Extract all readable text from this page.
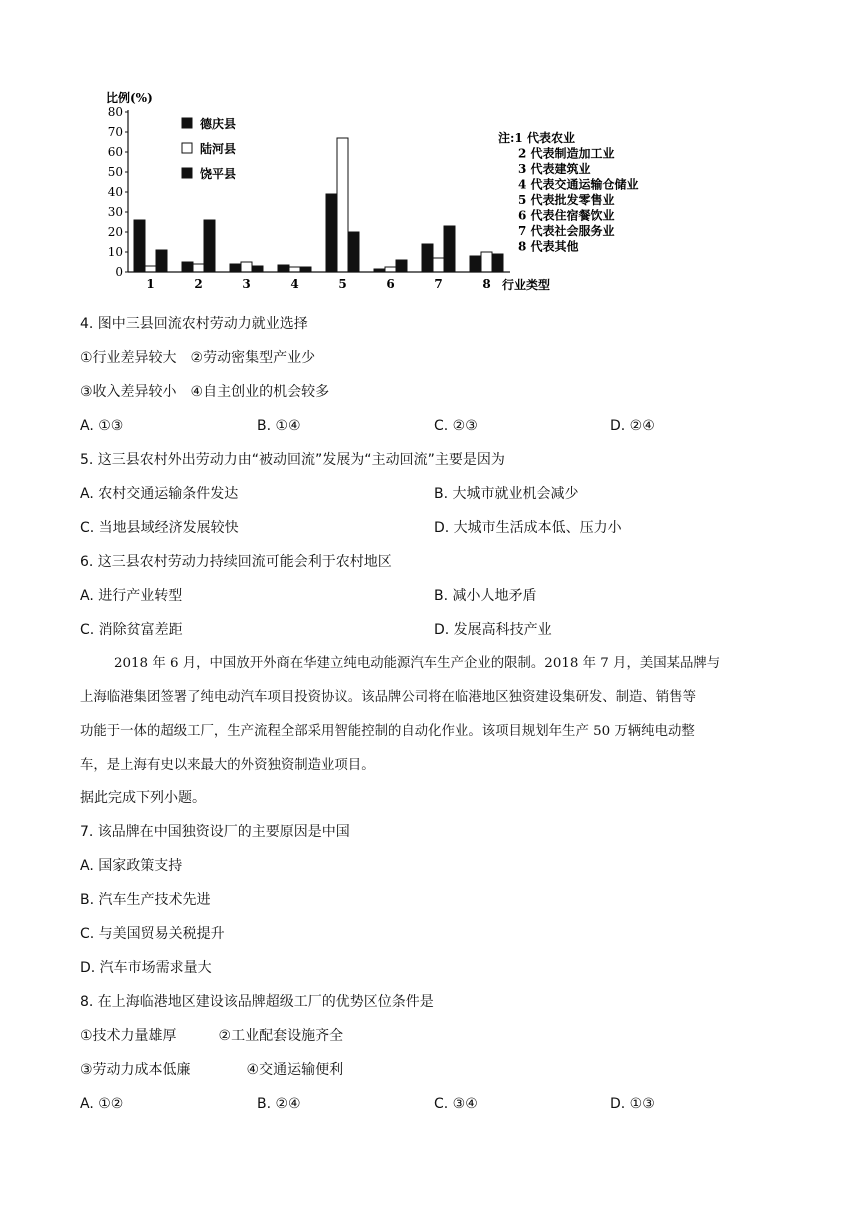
比例(%)
0
10
20
30
40
50
60
70
80
1	2	3	4	5	6	7	8 行业类型
德庆县
陆河县
饶平县
注:1 代表农业
2 代表制造加工业
3 代表建筑业
4 代表交通运输仓储业
5 代表批发零售业
6 代表住宿餐饮业
7 代表社会服务业
8 代表其他
4. 图中三县回流农村劳动力就业选择
①行业差异较大　②劳动密集型产业少
③收入差异较小　④自主创业的机会较多
A. ①③	B. ①④	C. ②③	D. ②④
5. 这三县农村外出劳动力由“被动回流”发展为“主动回流”主要是因为
A. 农村交通运输条件发达	B. 大城市就业机会减少
C. 当地县域经济发展较快	D. 大城市生活成本低、压力小
6. 这三县农村劳动力持续回流可能会利于农村地区
A. 进行产业转型	B. 减小人地矛盾
C. 消除贫富差距	D. 发展高科技产业
2018 年 6 月，中国放开外商在华建立纯电动能源汽车生产企业的限制。2018 年 7 月，美国某品牌与
上海临港集团签署了纯电动汽车项目投资协议。该品牌公司将在临港地区独资建设集研发、制造、销售等
功能于一体的超级工厂，生产流程全部采用智能控制的自动化作业。该项目规划年生产 50 万辆纯电动整
车，是上海有史以来最大的外资独资制造业项目。
据此完成下列小题。
7. 该品牌在中国独资设厂的主要原因是中国
A. 国家政策支持
B. 汽车生产技术先进
C. 与美国贸易关税提升
D. 汽车市场需求量大
8. 在上海临港地区建设该品牌超级工厂的优势区位条件是
①技术力量雄厚　　　②工业配套设施齐全
③劳动力成本低廉　　　　④交通运输便利
A. ①②	B. ②④	C. ③④	D. ①③
